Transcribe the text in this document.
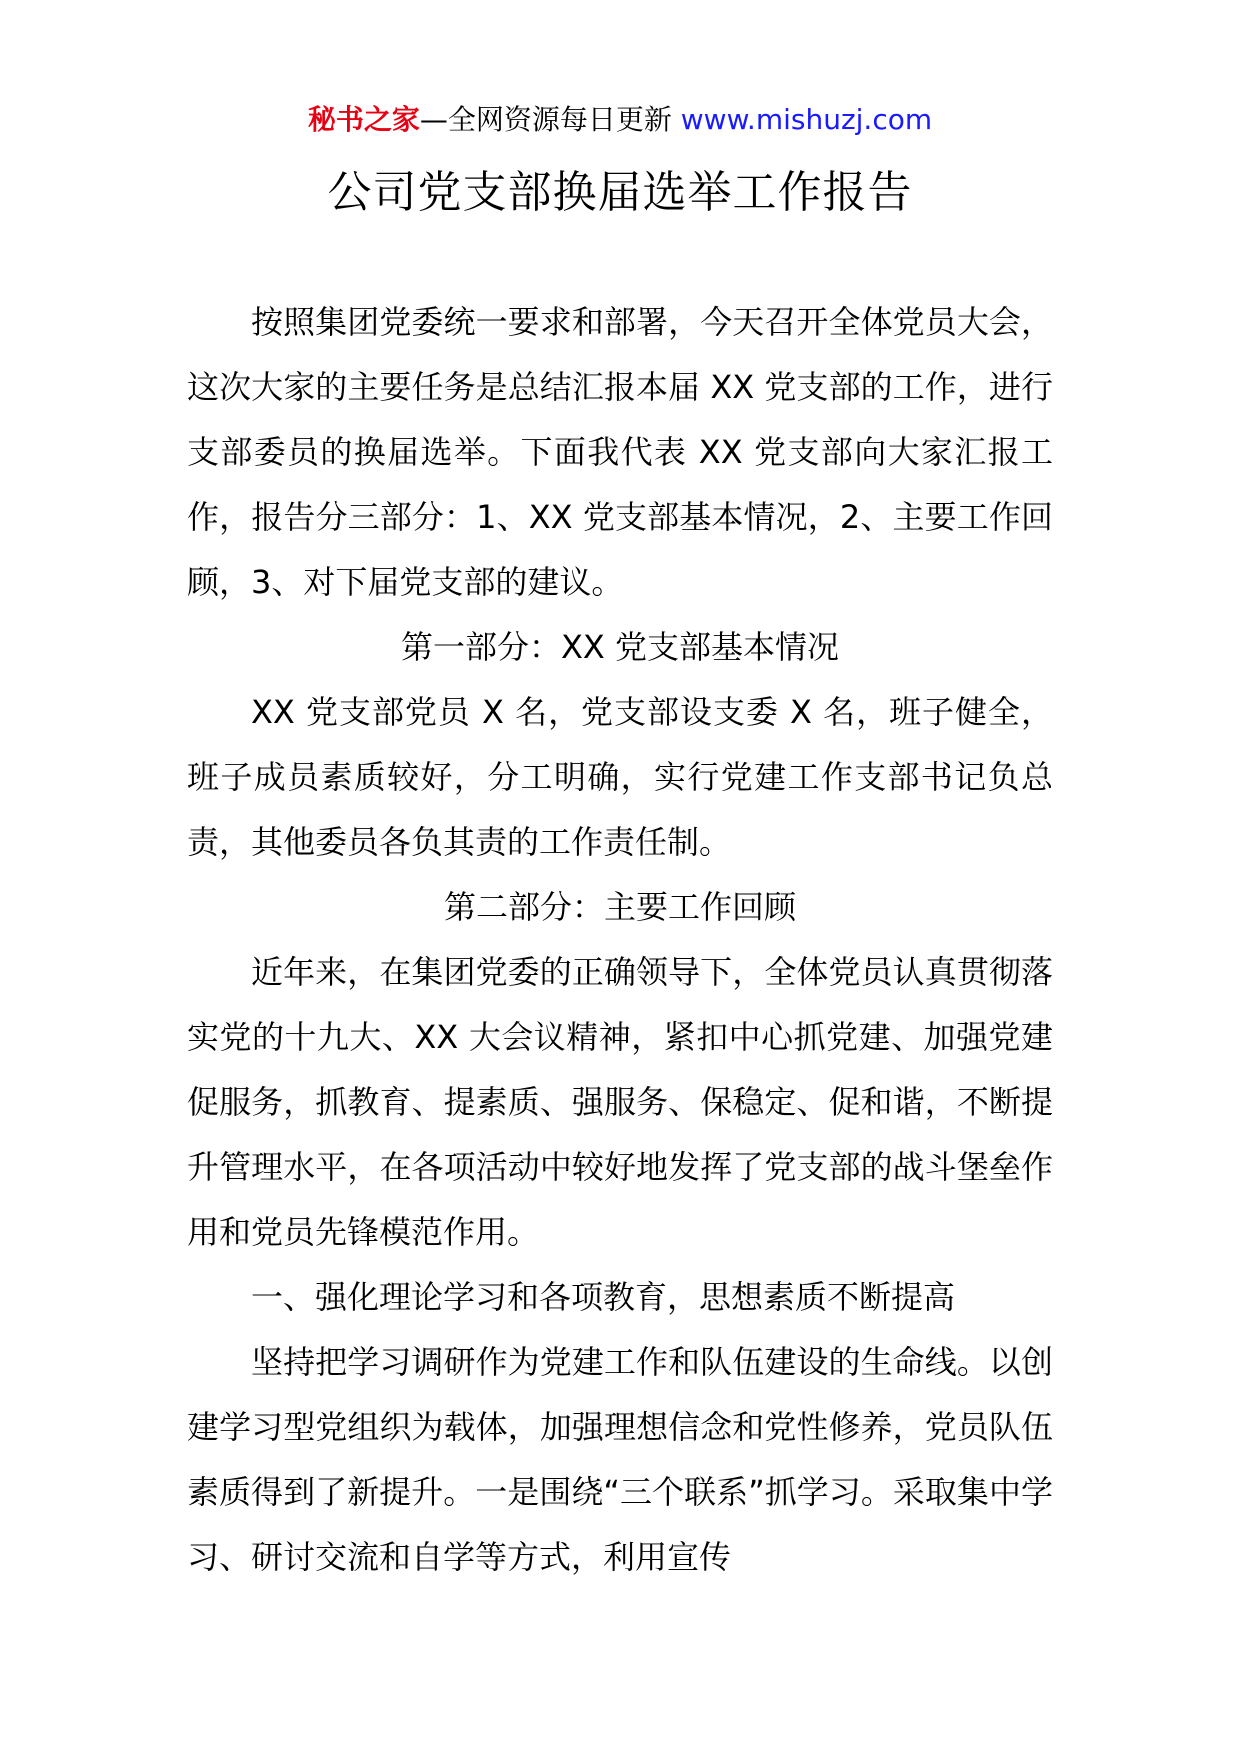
秘书之家—全网资源每日更新 www.mishuzj.com
公司党支部换届选举工作报告

按照集团党委统一要求和部署，今天召开全体党员大会，这次大家的主要任务是总结汇报本届 XX 党支部的工作，进行支部委员的换届选举。下面我代表 XX 党支部向大家汇报工作，报告分三部分：1、XX 党支部基本情况，2、主要工作回顾，3、对下届党支部的建议。

第一部分：XX 党支部基本情况

XX 党支部党员 X 名，党支部设支委 X 名，班子健全，班子成员素质较好，分工明确，实行党建工作支部书记负总责，其他委员各负其责的工作责任制。

第二部分：主要工作回顾

近年来，在集团党委的正确领导下，全体党员认真贯彻落实党的十九大、XX 大会议精神，紧扣中心抓党建、加强党建促服务，抓教育、提素质、强服务、保稳定、促和谐，不断提升管理水平，在各项活动中较好地发挥了党支部的战斗堡垒作用和党员先锋模范作用。

一、强化理论学习和各项教育，思想素质不断提高

坚持把学习调研作为党建工作和队伍建设的生命线。以创建学习型党组织为载体，加强理想信念和党性修养，党员队伍素质得到了新提升。一是围绕“三个联系”抓学习。采取集中学习、研讨交流和自学等方式，利用宣传
